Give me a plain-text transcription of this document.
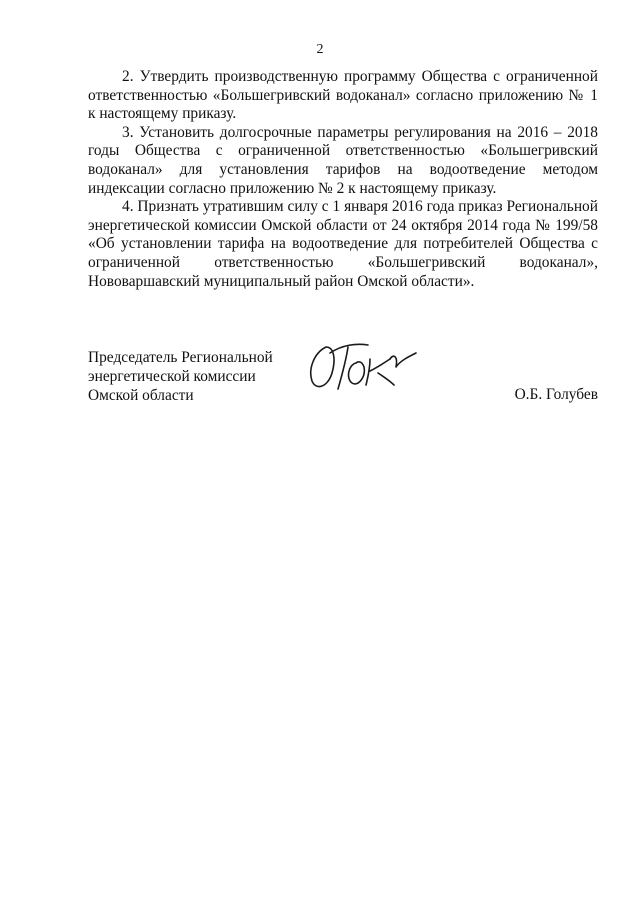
2

2. Утвердить производственную программу Общества с ограниченной ответственностью «Большегривский водоканал» согласно приложению № 1 к настоящему приказу.

3. Установить долгосрочные параметры регулирования на 2016 – 2018 годы Общества с ограниченной ответственностью «Большегривский водоканал» для установления тарифов на водоотведение методом индексации согласно приложению № 2 к настоящему приказу.

4. Признать утратившим силу с 1 января 2016 года приказ Региональной энергетической комиссии Омской области от 24 октября 2014 года № 199/58 «Об установлении тарифа на водоотведение для потребителей Общества с ограниченной ответственностью «Большегривский водоканал», Нововаршавский муниципальный район Омской области».

Председатель Региональной

энергетической комиссии

Омской области	О.Б. Голубев
